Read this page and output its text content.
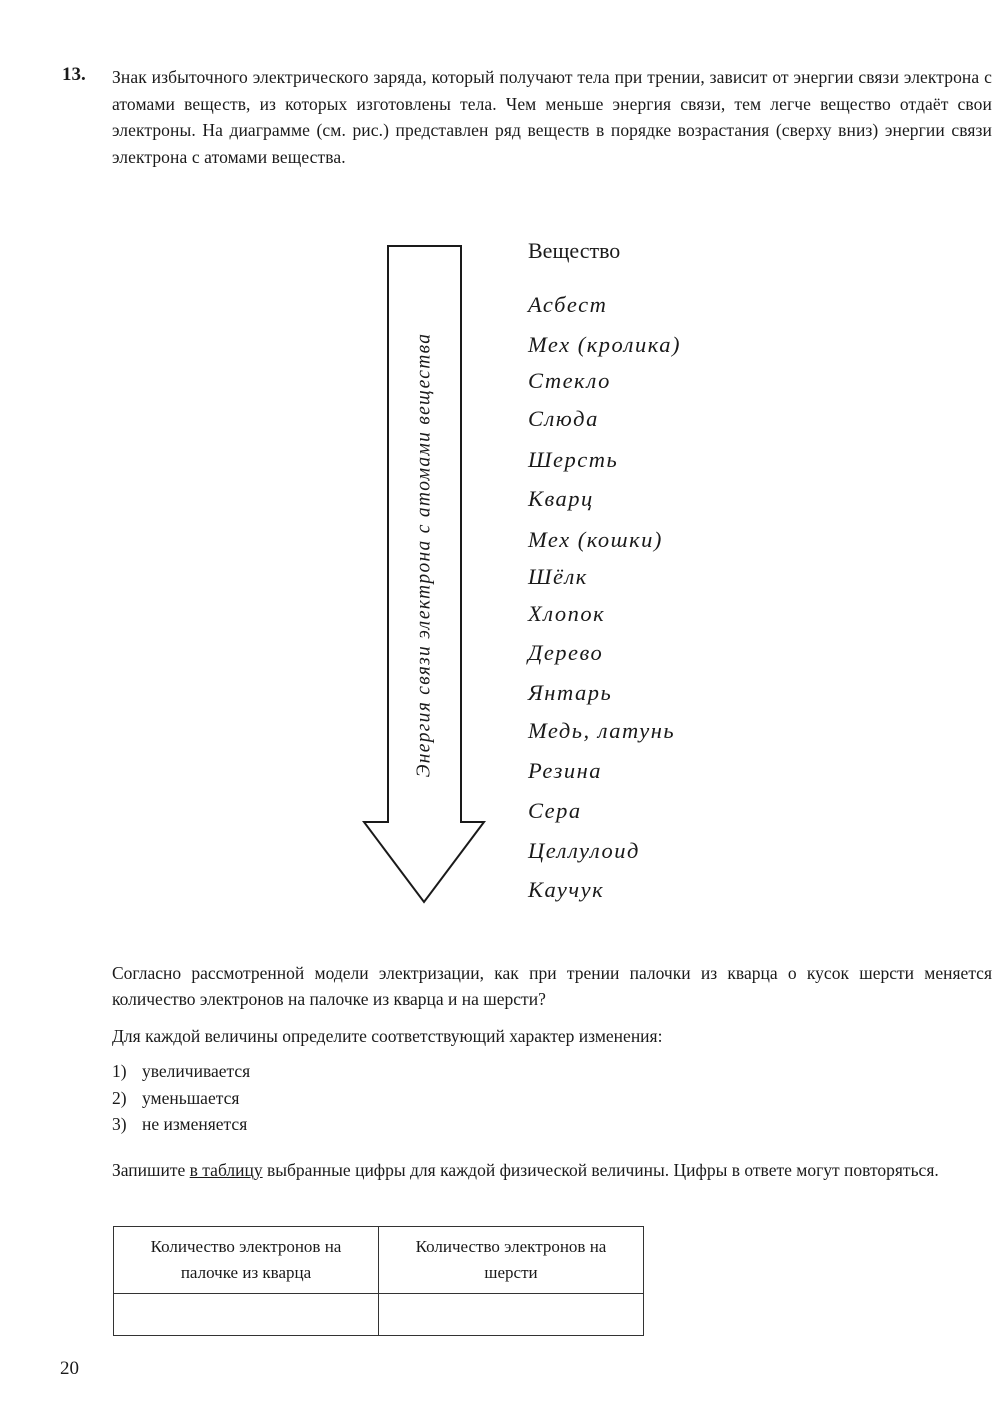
13. Знак избыточного электрического заряда, который получают тела при трении, зависит от энергии связи электрона с атомами веществ, из которых изготовлены тела. Чем меньше энергия связи, тем легче вещество отдаёт свои электроны. На диаграмме (см. рис.) представлен ряд веществ в порядке возрастания (сверху вниз) энергии связи электрона с атомами вещества.
Энергия связи электрона с атомами вещества
Вещество
Асбест
Мех (кролика)
Стекло
Слюда
Шерсть
Кварц
Мех (кошки)
Шёлк
Хлопок
Дерево
Янтарь
Медь, латунь
Резина
Сера
Целлулоид
Каучук
Согласно рассмотренной модели электризации, как при трении палочки из кварца о кусок шерсти меняется количество электронов на палочке из кварца и на шерсти?
Для каждой величины определите соответствующий характер изменения:
1) увеличивается
2) уменьшается
3) не изменяется
Запишите в таблицу выбранные цифры для каждой физической величины. Цифры в ответе могут повторяться.
Количество электронов на палочке из кварца	Количество электронов на шерсти

20
